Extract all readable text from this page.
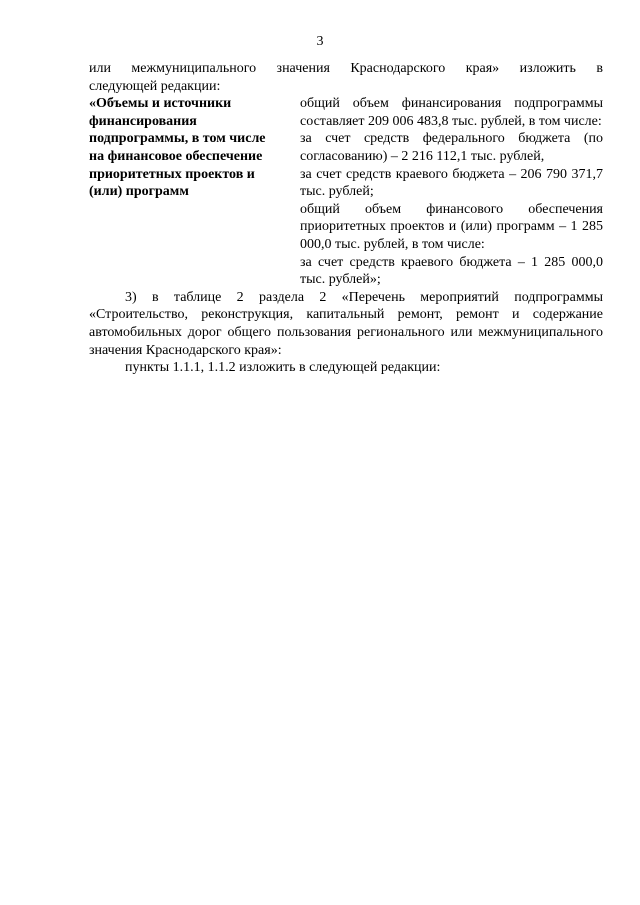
3

или межмуниципального значения Краснодарского края» изложить в

следующей редакции:

«Объемы и источники финансирования подпрограммы, в том числе на финансовое обеспечение приоритетных проектов и (или) программ

общий объем финансирования подпрограммы составляет 209 006 483,8 тыс. рублей, в том числе:

за счет средств федерального бюджета (по согласованию) – 2 216 112,1 тыс. рублей,

за счет средств краевого бюджета – 206 790 371,7 тыс. рублей;

общий объем финансового обеспечения приоритетных проектов и (или) программ – 1 285 000,0 тыс. рублей, в том числе:

за счет средств краевого бюджета – 1 285 000,0 тыс. рублей»;

3) в таблице 2 раздела 2 «Перечень мероприятий подпрограммы «Строительство, реконструкция, капитальный ремонт, ремонт и содержание автомобильных дорог общего пользования регионального или межмуниципального значения Краснодарского края»:

пункты 1.1.1, 1.1.2 изложить в следующей редакции:
